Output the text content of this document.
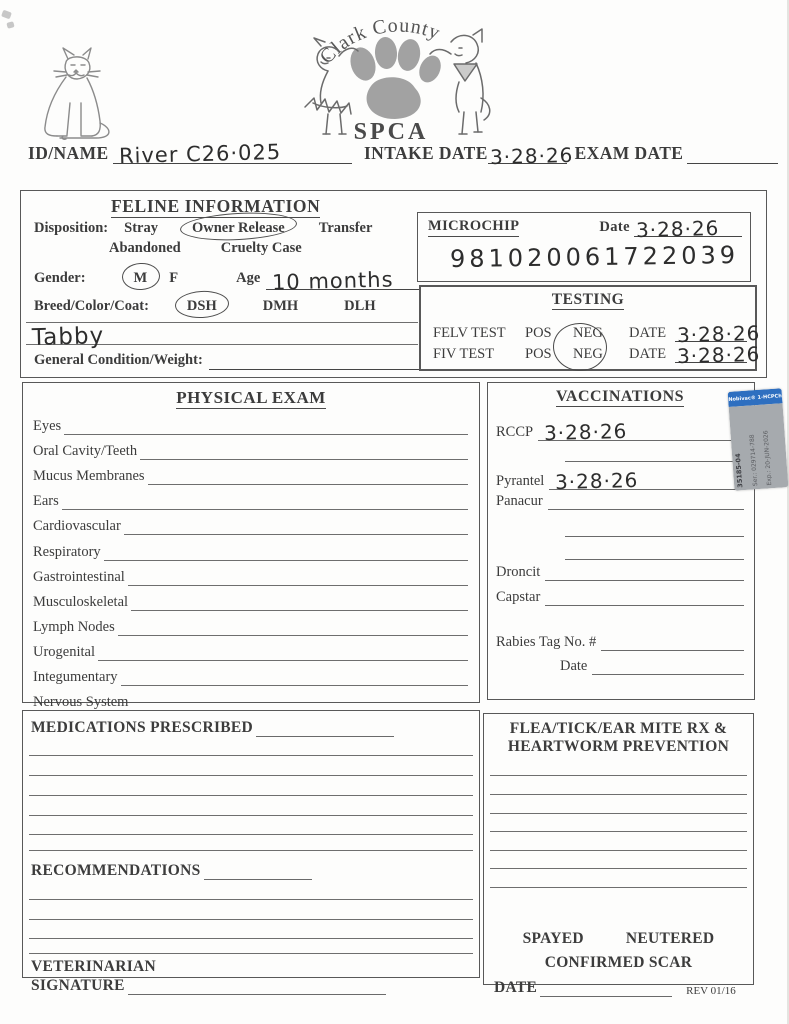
Clark County
SPCA
ID/NAME River C26·025	INTAKE DATE 3·28·26 EXAM DATE
FELINE INFORMATION
Disposition: Stray Owner Release Transfer
Abandoned	Cruelty Case
Gender:	M F	Age 10 months
Breed/Color/Coat:	DSH	DMH	DLH
Tabby
General Condition/Weight:
MICROCHIP	Date 3·28·26
981020061722039
TESTING
FELV TEST	POS	NEG	DATE 3·28·26
FIV TEST	POS	NEG	DATE 3·28·26
PHYSICAL EXAM
Eyes
Oral Cavity/Teeth
Mucus Membranes
Ears
Cardiovascular
Respiratory
Gastrointestinal
Musculoskeletal
Lymph Nodes
Urogenital
Integumentary
Nervous System
VACCINATIONS
RCCP 3·28·26
Pyrantel 3·28·26
Panacur
Droncit
Capstar
Rabies Tag No. #
Date
Nobivac® 1-HCPCh
35185-04 Ser.: 029714-788 Exp.: 20-JUN-2026
MEDICATIONS PRESCRIBED
RECOMMENDATIONS
VETERINARIAN
SIGNATURE
FLEA/TICK/EAR MITE RX &
HEARTWORM PREVENTION
SPAYED	NEUTERED
CONFIRMED SCAR
DATE	REV 01/16
